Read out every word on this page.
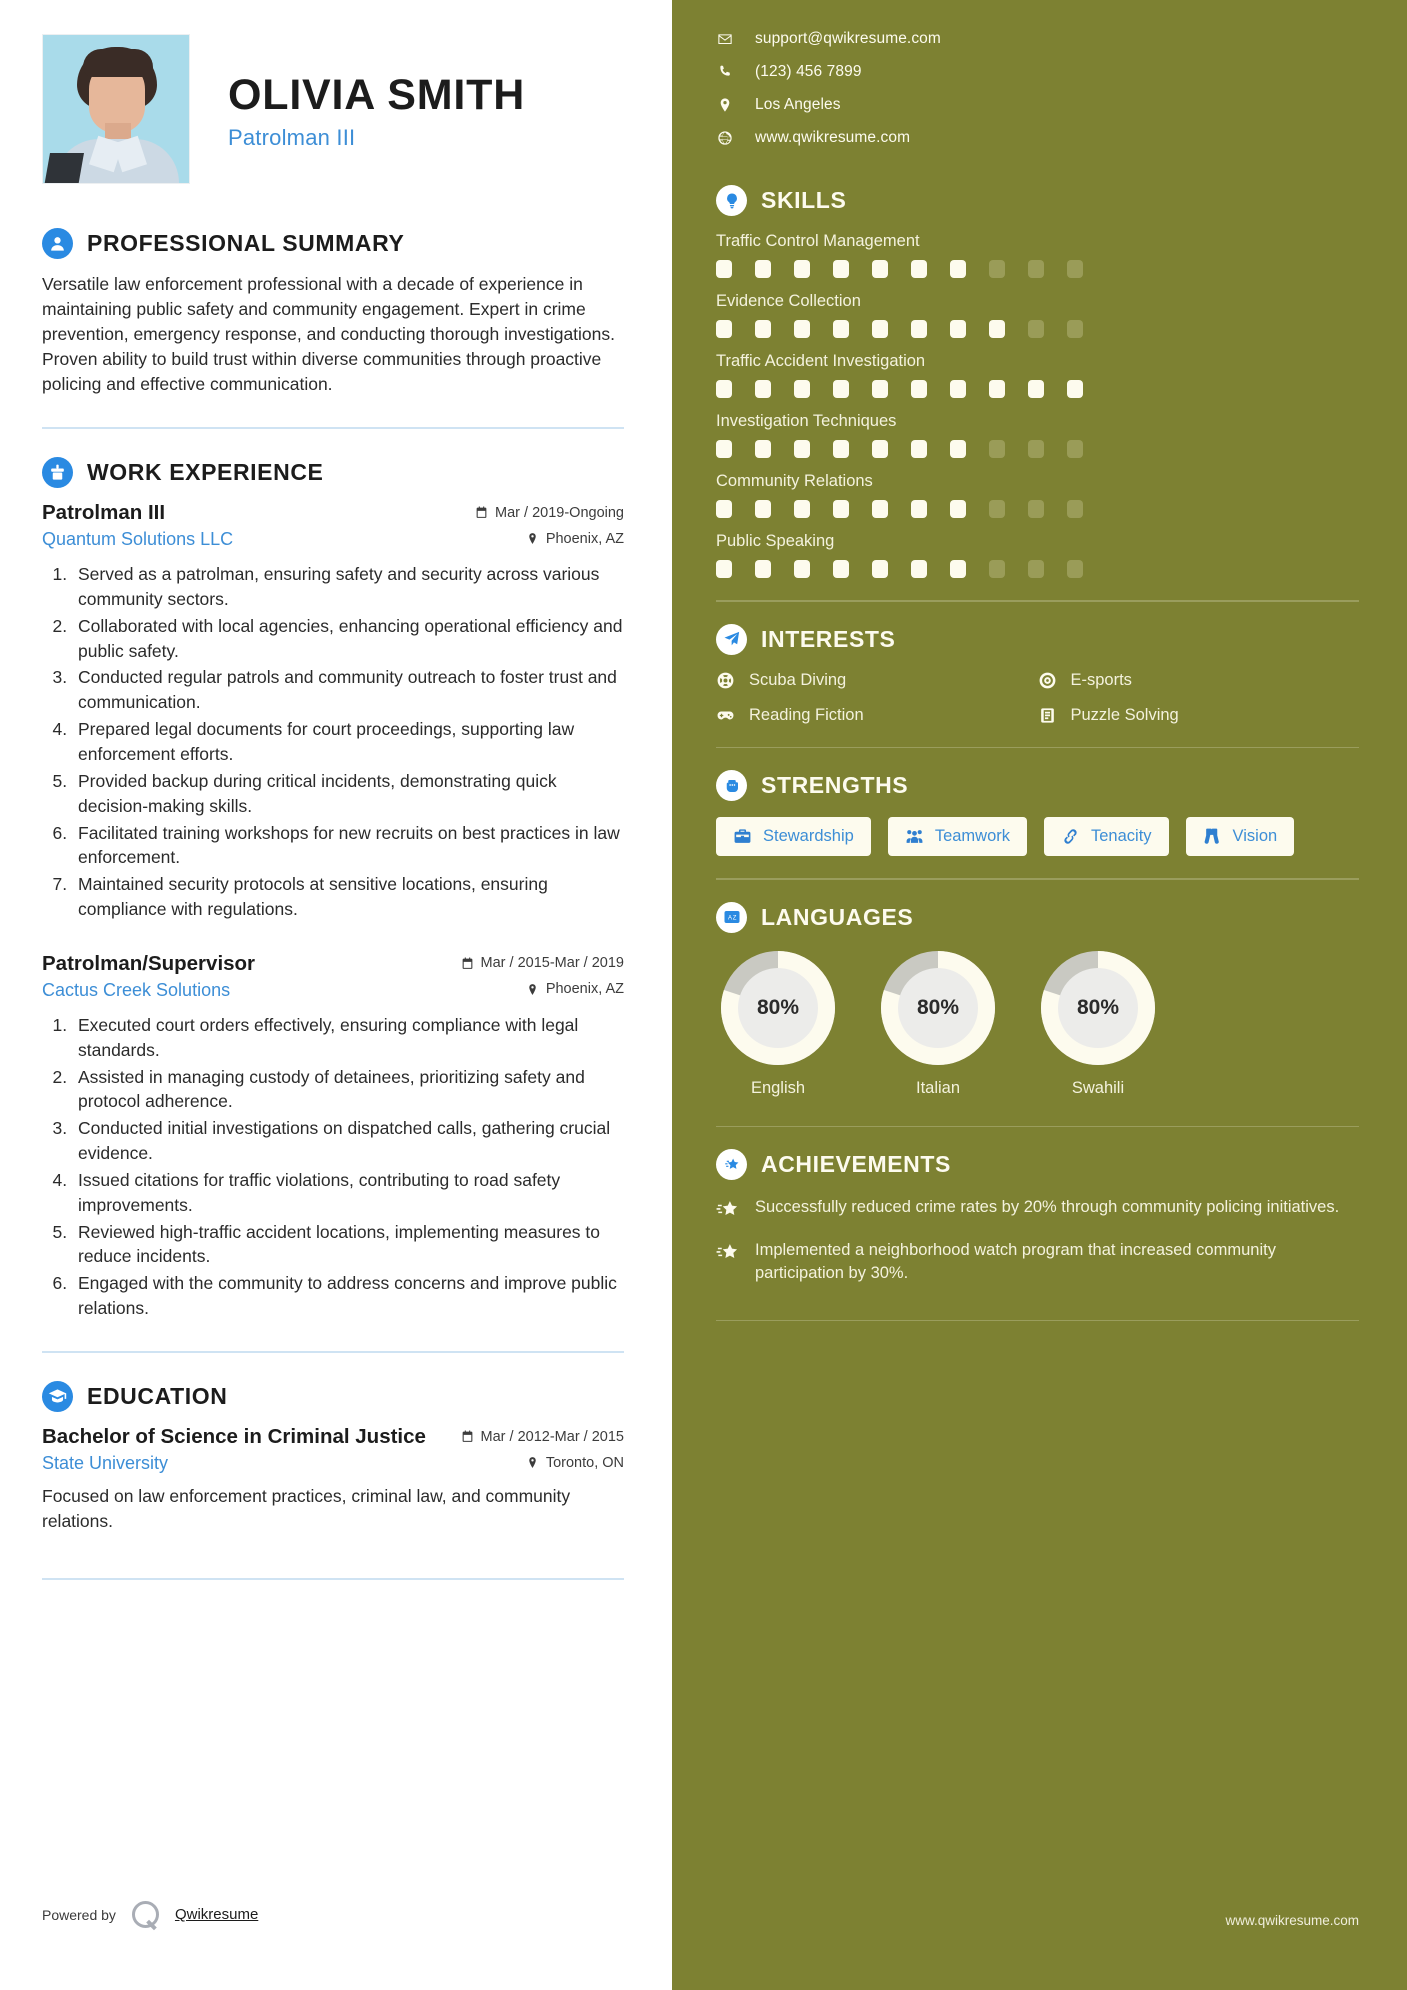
OLIVIA SMITH
Patrolman III
PROFESSIONAL SUMMARY

Versatile law enforcement professional with a decade of experience in maintaining public safety and community engagement. Expert in crime prevention, emergency response, and conducting thorough investigations. Proven ability to build trust within diverse communities through proactive policing and effective communication.

WORK EXPERIENCE
Patrolman III	Mar / 2019-Ongoing
Quantum Solutions LLC	Phoenix, AZ
1. Served as a patrolman, ensuring safety and security across various community sectors.
2. Collaborated with local agencies, enhancing operational efficiency and public safety.
3. Conducted regular patrols and community outreach to foster trust and communication.
4. Prepared legal documents for court proceedings, supporting law enforcement efforts.
5. Provided backup during critical incidents, demonstrating quick decision-making skills.
6. Facilitated training workshops for new recruits on best practices in law enforcement.
7. Maintained security protocols at sensitive locations, ensuring compliance with regulations.
Patrolman/Supervisor	Mar / 2015-Mar / 2019
Cactus Creek Solutions	Phoenix, AZ
1. Executed court orders effectively, ensuring compliance with legal standards.
2. Assisted in managing custody of detainees, prioritizing safety and protocol adherence.
3. Conducted initial investigations on dispatched calls, gathering crucial evidence.
4. Issued citations for traffic violations, contributing to road safety improvements.
5. Reviewed high-traffic accident locations, implementing measures to reduce incidents.
6. Engaged with the community to address concerns and improve public relations.
EDUCATION
Bachelor of Science in Criminal Justice	Mar / 2012-Mar / 2015
State University	Toronto, ON

Focused on law enforcement practices, criminal law, and community relations.

Powered by	Qwikresume
support@qwikresume.com
(123) 456 7899
Los Angeles
www.qwikresume.com
SKILLS
Traffic Control Management
Evidence Collection
Traffic Accident Investigation
Investigation Techniques
Community Relations
Public Speaking
INTERESTS
Scuba Diving	E-sports
Reading Fiction	Puzzle Solving
STRENGTHS
Stewardship	Teamwork	Tenacity	Vision
A Z LANGUAGES
80%
English
80%
Italian
80%
Swahili
ACHIEVEMENTS

Successfully reduced crime rates by 20% through community policing initiatives.

Implemented a neighborhood watch program that increased community participation by 30%.

www.qwikresume.com
